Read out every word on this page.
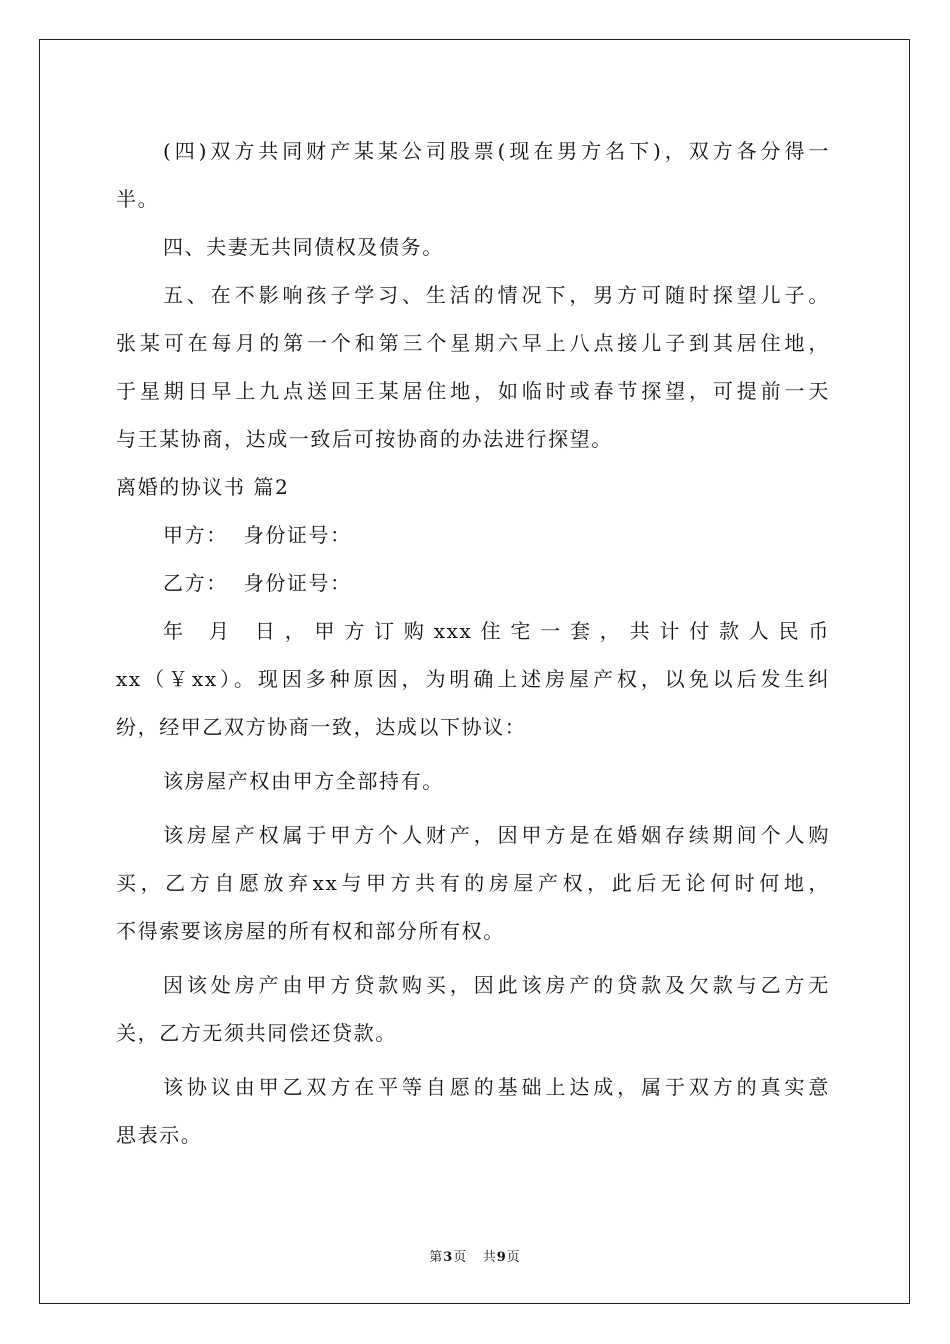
(四)双方共同财产某某公司股票(现在男方名下)，双方各分得一
半。
四、夫妻无共同债权及债务。
五、在不影响孩子学习、生活的情况下，男方可随时探望儿子。
张某可在每月的第一个和第三个星期六早上八点接儿子到其居住地，
于星期日早上九点送回王某居住地，如临时或春节探望，可提前一天
与王某协商，达成一致后可按协商的办法进行探望。
离婚的协议书 篇2
甲方：  身份证号：
乙方：  身份证号：
年 月 日，甲方订购xxx住宅一套，共计付款人民币
xx（￥xx）。现因多种原因，为明确上述房屋产权，以免以后发生纠
纷，经甲乙双方协商一致，达成以下协议：
该房屋产权由甲方全部持有。
该房屋产权属于甲方个人财产，因甲方是在婚姻存续期间个人购
买，乙方自愿放弃xx与甲方共有的房屋产权，此后无论何时何地，
不得索要该房屋的所有权和部分所有权。
因该处房产由甲方贷款购买，因此该房产的贷款及欠款与乙方无
关，乙方无须共同偿还贷款。
该协议由甲乙双方在平等自愿的基础上达成，属于双方的真实意
思表示。
第3页 共9页
